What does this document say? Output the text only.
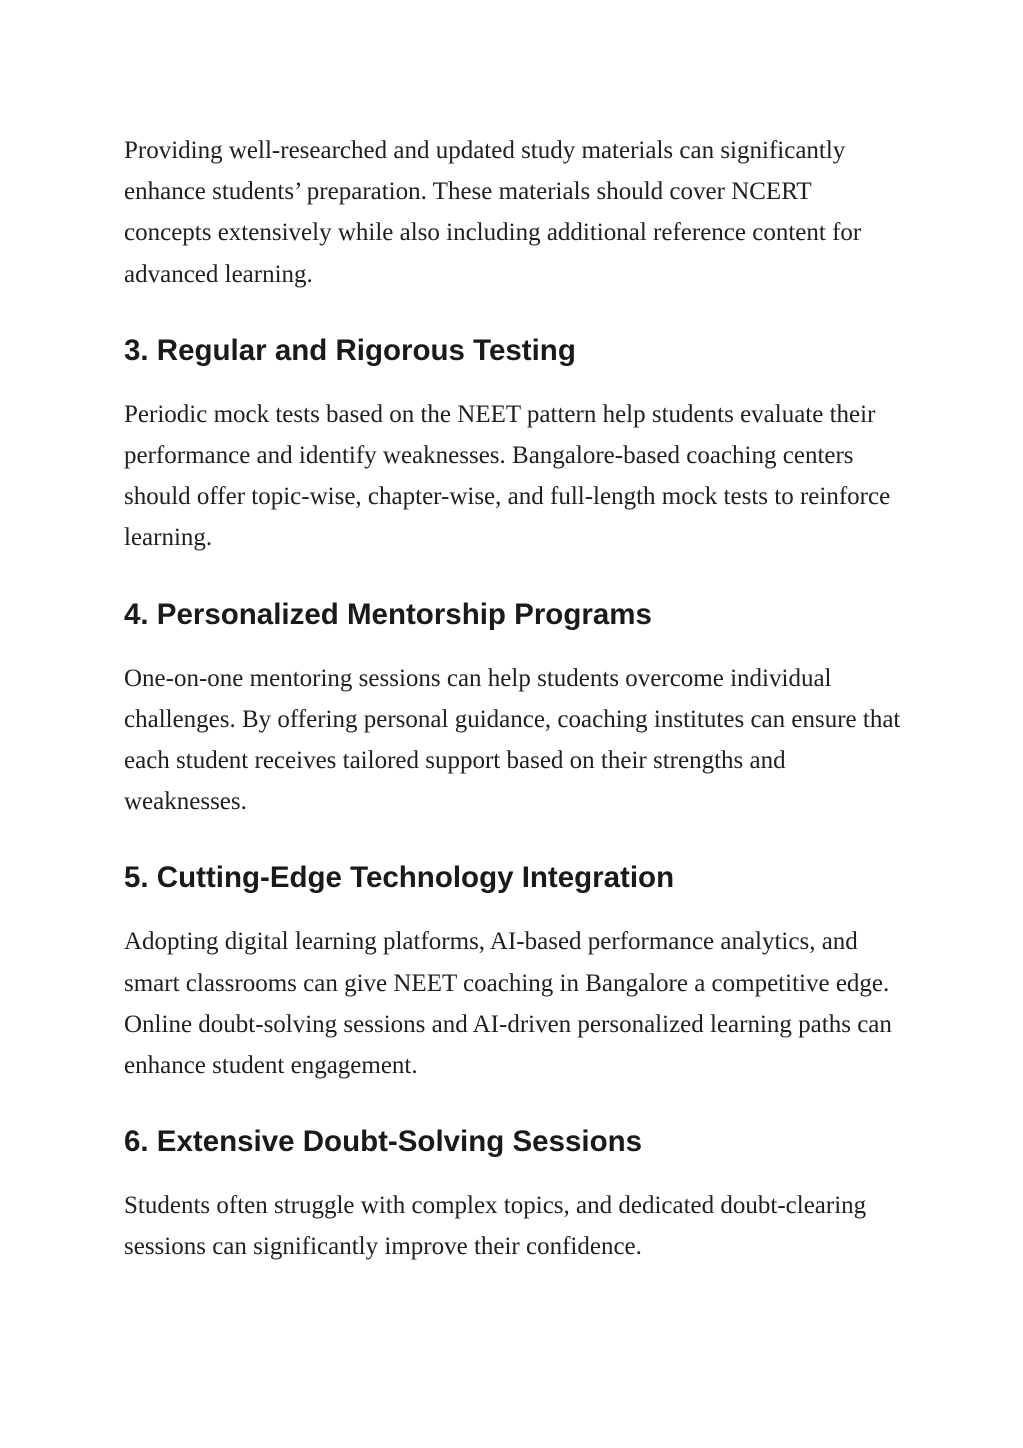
Providing well-researched and updated study materials can significantly enhance students’ preparation. These materials should cover NCERT concepts extensively while also including additional reference content for advanced learning.

3. Regular and Rigorous Testing

Periodic mock tests based on the NEET pattern help students evaluate their performance and identify weaknesses. Bangalore-based coaching centers should offer topic-wise, chapter-wise, and full-length mock tests to reinforce learning.

4. Personalized Mentorship Programs

One-on-one mentoring sessions can help students overcome individual challenges. By offering personal guidance, coaching institutes can ensure that each student receives tailored support based on their strengths and weaknesses.

5. Cutting-Edge Technology Integration

Adopting digital learning platforms, AI-based performance analytics, and smart classrooms can give NEET coaching in Bangalore a competitive edge. Online doubt-solving sessions and AI-driven personalized learning paths can enhance student engagement.

6. Extensive Doubt-Solving Sessions

Students often struggle with complex topics, and dedicated doubt-clearing sessions can significantly improve their confidence.
